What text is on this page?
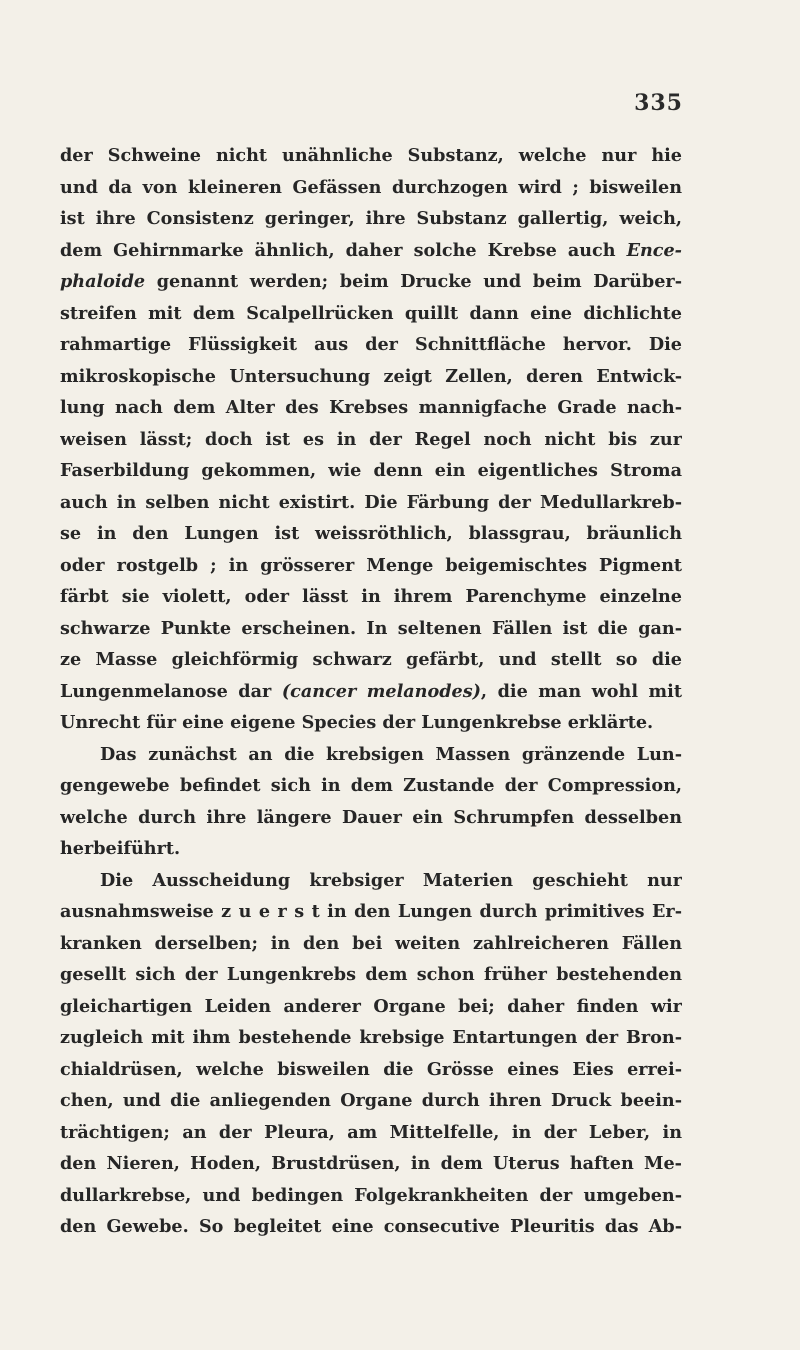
335
der Schweine nicht unähnliche Substanz, welche nur hie
und da von kleineren Gefässen durchzogen wird ; bisweilen
ist ihre Consistenz geringer, ihre Substanz gallertig, weich,
dem Gehirnmarke ähnlich, daher solche Krebse auch Ence-
phaloide genannt werden; beim Drucke und beim Darüber-
streifen mit dem Scalpellrücken quillt dann eine dichlichte
rahmartige Flüssigkeit aus der Schnittfläche hervor. Die
mikroskopische Untersuchung zeigt Zellen, deren Entwick-
lung nach dem Alter des Krebses mannigfache Grade nach-
weisen lässt; doch ist es in der Regel noch nicht bis zur
Faserbildung gekommen, wie denn ein eigentliches Stroma
auch in selben nicht existirt. Die Färbung der Medullarkreb-
se in den Lungen ist weissröthlich, blassgrau, bräunlich
oder rostgelb ; in grösserer Menge beigemischtes Pigment
färbt sie violett, oder lässt in ihrem Parenchyme einzelne
schwarze Punkte erscheinen. In seltenen Fällen ist die gan-
ze Masse gleichförmig schwarz gefärbt, und stellt so die
Lungenmelanose dar (cancer melanodes), die man wohl mit
Unrecht für eine eigene Species der Lungenkrebse erklärte.
Das zunächst an die krebsigen Massen gränzende Lun-
gengewebe befindet sich in dem Zustande der Compression,
welche durch ihre längere Dauer ein Schrumpfen desselben
herbeiführt.
Die Ausscheidung krebsiger Materien geschieht nur
ausnahmsweise z u e r s t in den Lungen durch primitives Er-
kranken derselben; in den bei weiten zahlreicheren Fällen
gesellt sich der Lungenkrebs dem schon früher bestehenden
gleichartigen Leiden anderer Organe bei; daher finden wir
zugleich mit ihm bestehende krebsige Entartungen der Bron-
chialdrüsen, welche bisweilen die Grösse eines Eies errei-
chen, und die anliegenden Organe durch ihren Druck beein-
trächtigen; an der Pleura, am Mittelfelle, in der Leber, in
den Nieren, Hoden, Brustdrüsen, in dem Uterus haften Me-
dullarkrebse, und bedingen Folgekrankheiten der umgeben-
den Gewebe. So begleitet eine consecutive Pleuritis das Ab-
